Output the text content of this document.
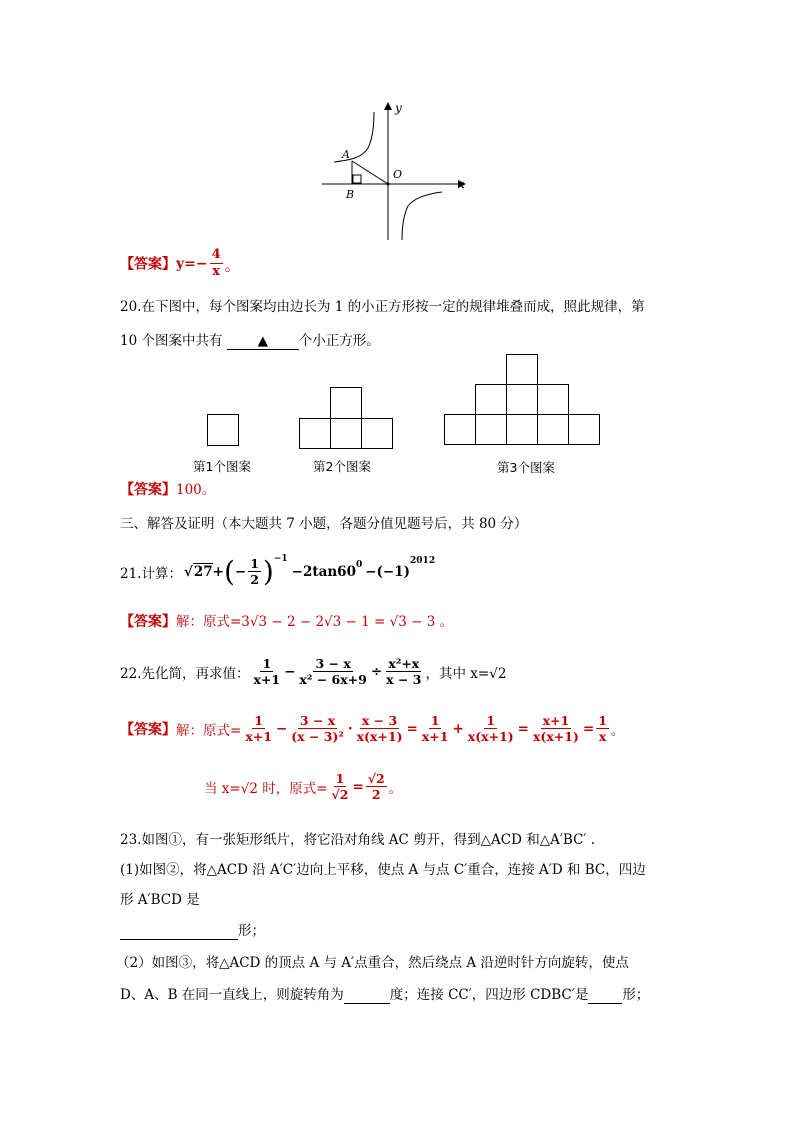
y
x
O
A
B
【答案】$y=- \frac{4}{x}$ 。
20.在下图中，每个图案均由边长为 1 的小正方形按一定的规律堆叠而成，照此规律，第
10 个图案中共有	▲ 个小正方形。
第1个图案	第2个图案	第3个图案
【答案】100。
三、解答及证明（本大题共 7 小题，各题分值见题号后，共 80 分）
21.计算： √27 + ( − $\frac{1}{2} )^{-1}$
$-2\tan 60^0 -(-1)$
$^{2012}$
【答案】解：原式=3√3 − 2 − 2√3 − 1 = √3 − 3 。
22.先化简，再求值： $\frac{1}{x+1} - \frac{3 - x}{\text{x² − 6x+9}} \div \frac{\text{x²+x}}{x - 3}$ ，其中 x=√2
【答案】 解：原式= $\frac{1}{x+1} - \frac{3 - x}{\text{(x − 3)²}} \cdot \frac{x - 3}{x(x+1)} = \frac{1}{x+1} + \frac{1}{x(x+1)} = \frac{x+1}{x(x+1)} = \frac{1}{x}$ 。
当 x=√2 时，原式= $\frac{1}{√2} = \frac{√2}{2}$ 。
23.如图①，有一张矩形纸片，将它沿对角线 AC 剪开，得到△ACD 和△A′BC′ .
(1)如图②，将△ACD 沿 A′C′边向上平移，使点 A 与点 C′重合，连接 A′D 和 BC，四边
形 A′BCD 是
形；
（2）如图③，将△ACD 的顶点 A 与 A′点重合，然后绕点 A 沿逆时针方向旋转，使点
D、A、B 在同一直线上，则旋转角为	度；连接 CC′，四边形 CDBC′是	形；
